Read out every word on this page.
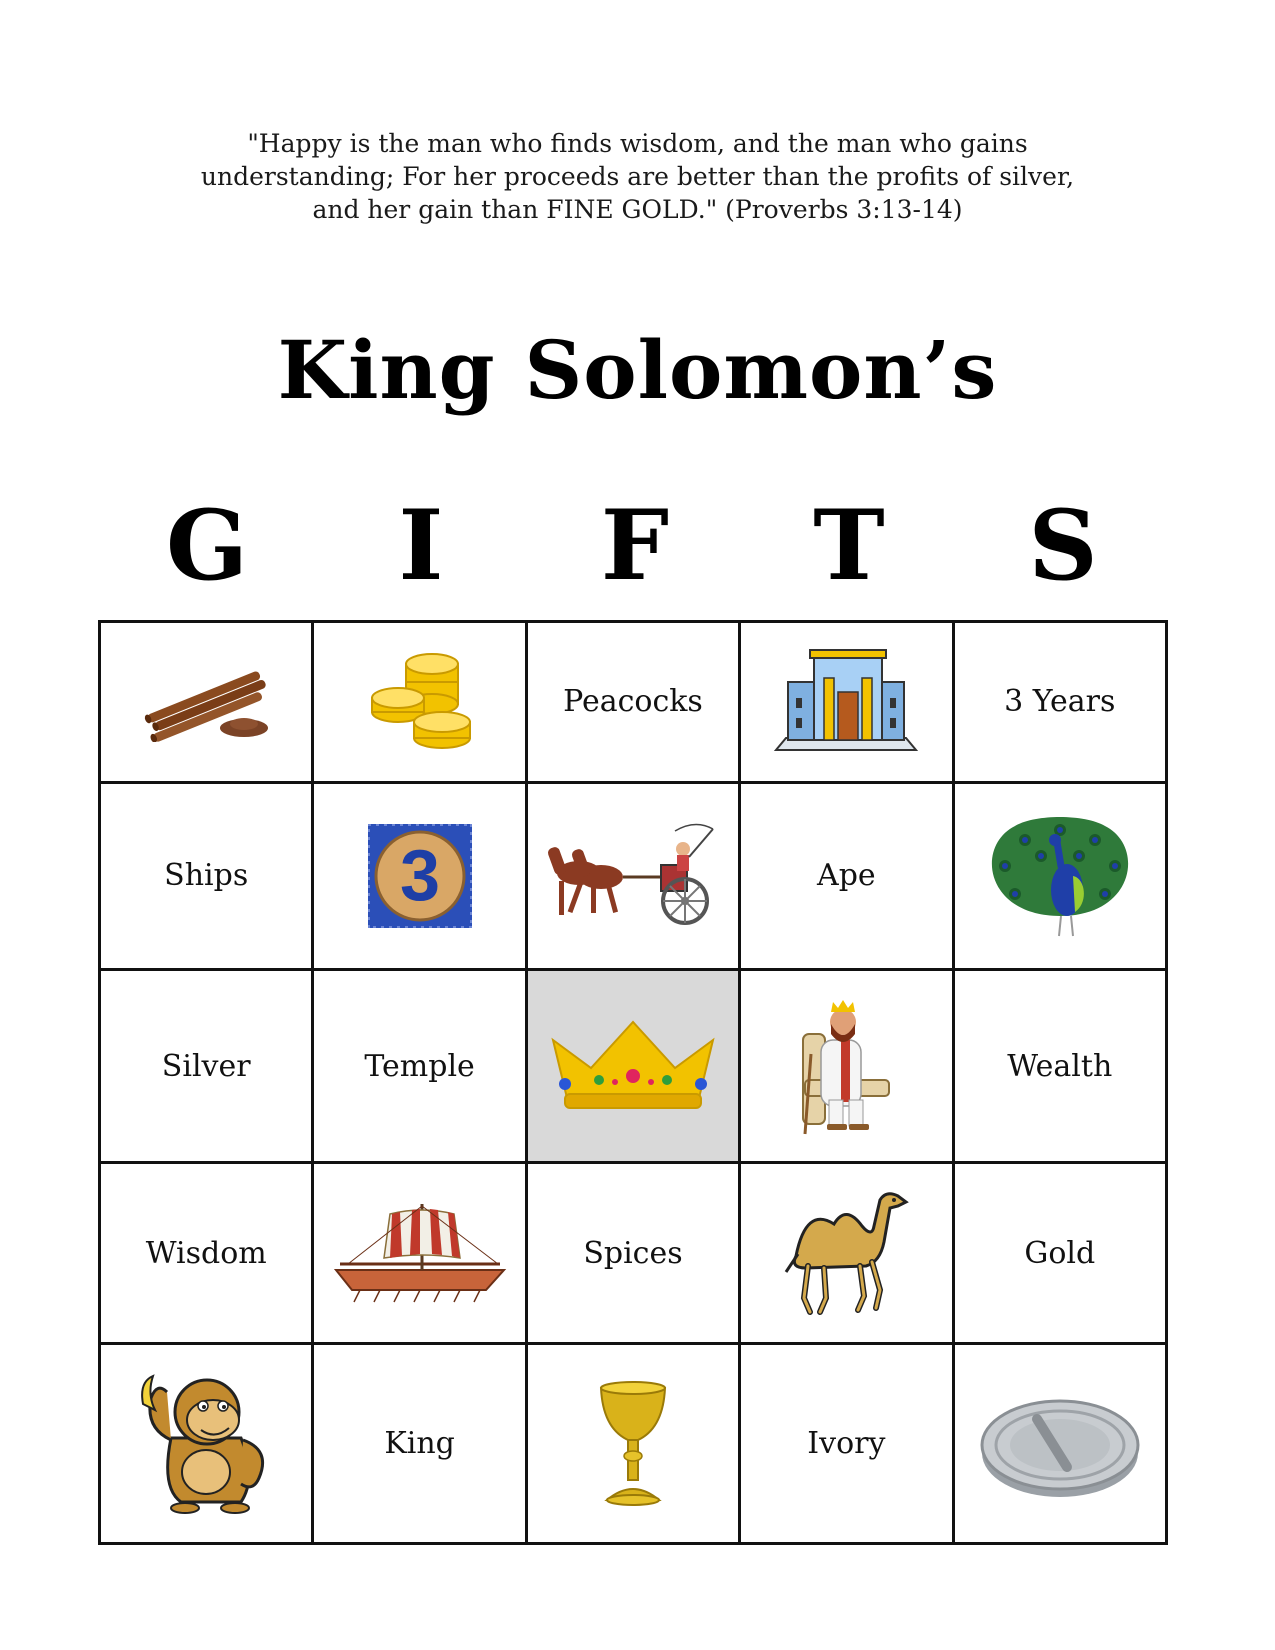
"Happy is the man who finds wisdom, and the man who gains
understanding; For her proceeds are better than the profits of silver,
and her gain than FINE GOLD." (Proverbs 3:13-14)
King Solomon’s
G	I	F	T	S

	Peacocks		3 Years
Ships	3		Ape	

Silver	Temple			Wealth
Wisdom		Spices		Gold

	King		Ivory	
